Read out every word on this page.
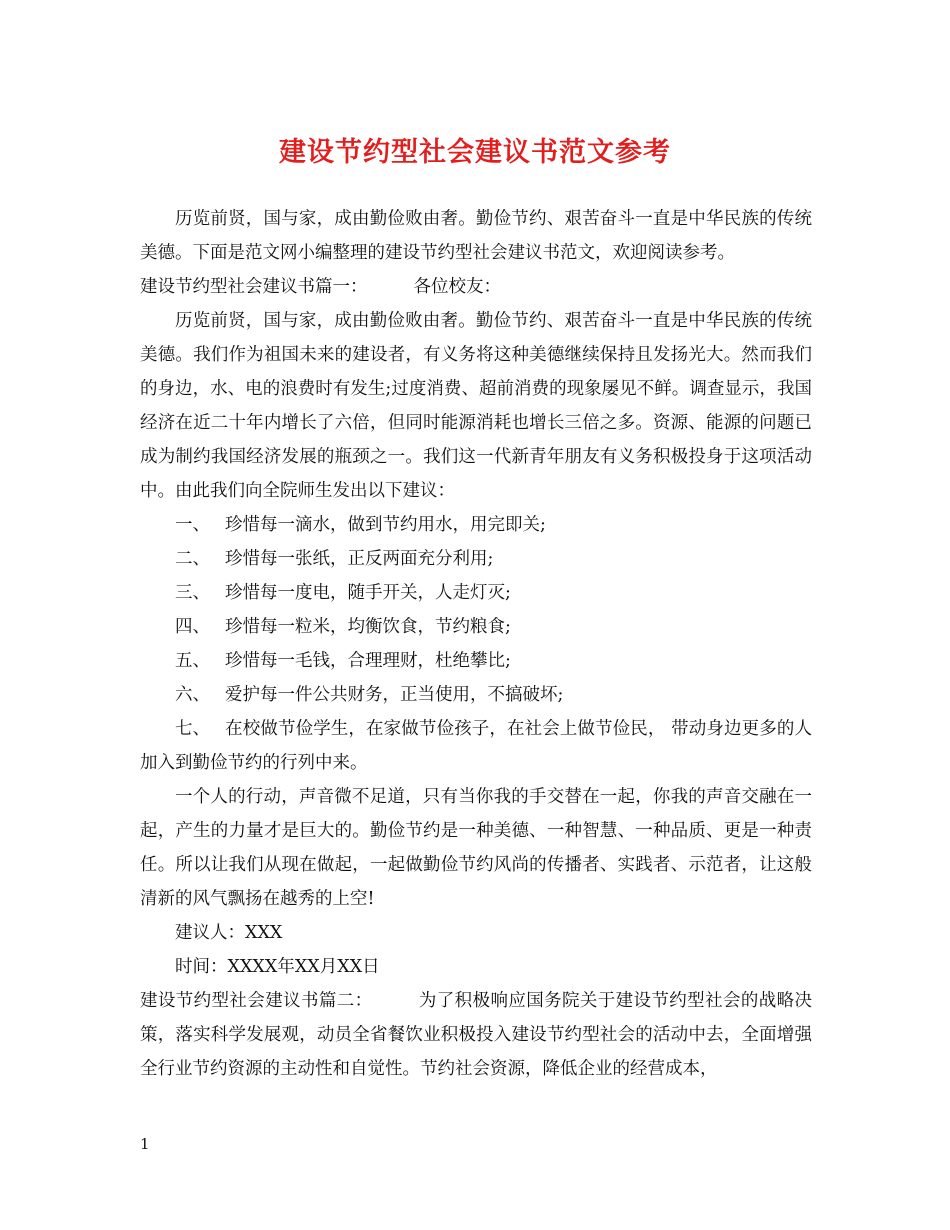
建设节约型社会建议书范文参考

历览前贤，国与家，成由勤俭败由奢。勤俭节约、艰苦奋斗一直是中华民族的传统美德。下面是范文网小编整理的建设节约型社会建议书范文，欢迎阅读参考。

建设节约型社会建议书篇一：	各位校友：

历览前贤，国与家，成由勤俭败由奢。勤俭节约、艰苦奋斗一直是中华民族的传统美德。我们作为祖国未来的建设者，有义务将这种美德继续保持且发扬光大。然而我们的身边，水、电的浪费时有发生;过度消费、超前消费的现象屡见不鲜。调查显示，我国经济在近二十年内增长了六倍，但同时能源消耗也增长三倍之多。资源、能源的问题已成为制约我国经济发展的瓶颈之一。我们这一代新青年朋友有义务积极投身于这项活动中。由此我们向全院师生发出以下建议：

一、 珍惜每一滴水，做到节约用水，用完即关;

二、 珍惜每一张纸，正反两面充分利用;

三、 珍惜每一度电，随手开关，人走灯灭;

四、 珍惜每一粒米，均衡饮食，节约粮食;

五、 珍惜每一毛钱，合理理财，杜绝攀比;

六、 爱护每一件公共财务，正当使用，不搞破坏;

七、 在校做节俭学生，在家做节俭孩子，在社会上做节俭民， 带动身边更多的人加入到勤俭节约的行列中来。

一个人的行动，声音微不足道，只有当你我的手交替在一起，你我的声音交融在一起，产生的力量才是巨大的。勤俭节约是一种美德、一种智慧、一种品质、更是一种责任。所以让我们从现在做起，一起做勤俭节约风尚的传播者、实践者、示范者，让这般清新的风气飘扬在越秀的上空!

建议人：XXX

时间：XXXX年XX月XX日

建设节约型社会建议书篇二：	为了积极响应国务院关于建设节约型社会的战略决策，落实科学发展观，动员全省餐饮业积极投入建设节约型社会的活动中去，全面增强全行业节约资源的主动性和自觉性。节约社会资源，降低企业的经营成本，

1
